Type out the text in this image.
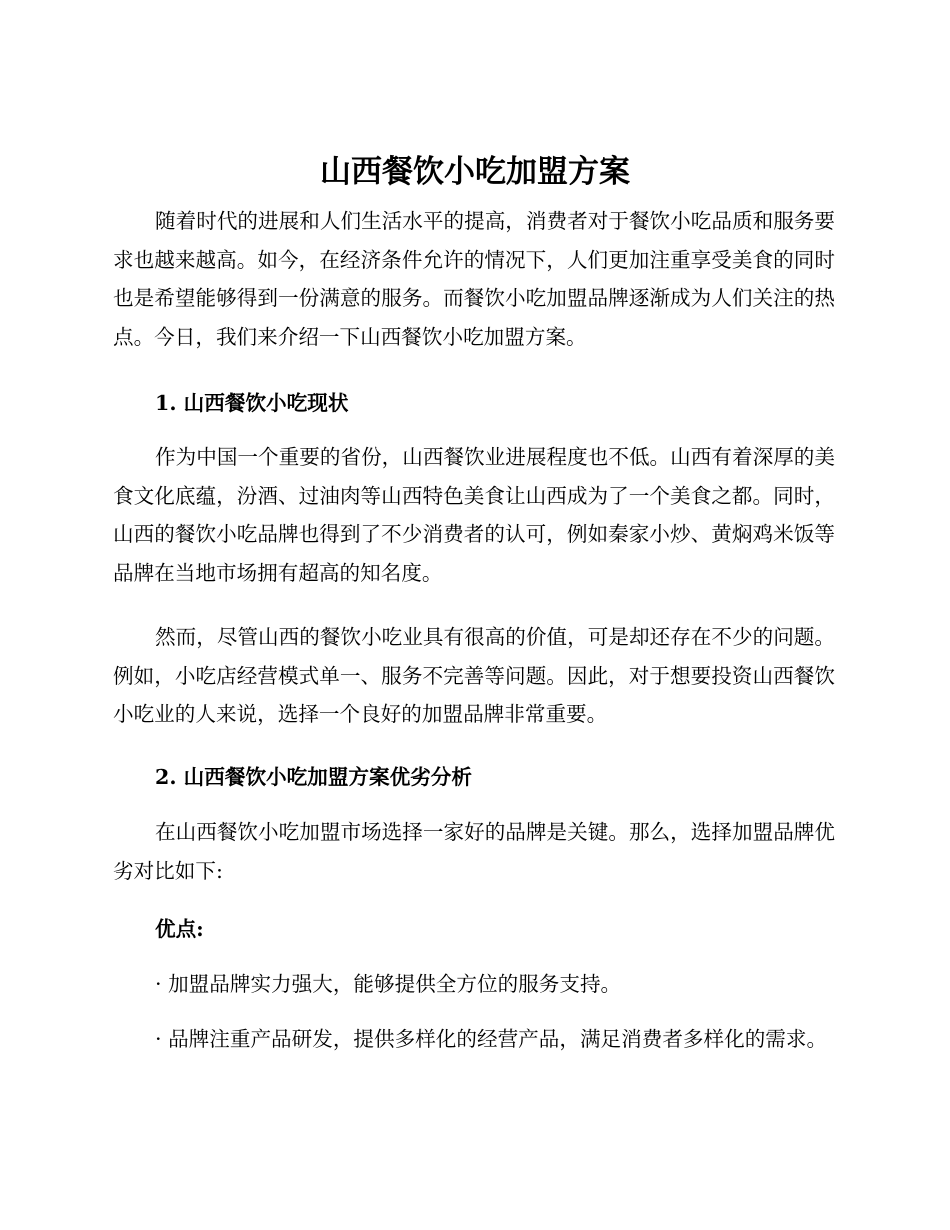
山西餐饮小吃加盟方案

随着时代的进展和人们生活水平的提高，消费者对于餐饮小吃品质和服务要求也越来越高。如今，在经济条件允许的情况下，人们更加注重享受美食的同时也是希望能够得到一份满意的服务。而餐饮小吃加盟品牌逐渐成为人们关注的热点。今日，我们来介绍一下山西餐饮小吃加盟方案。

1. 山西餐饮小吃现状

作为中国一个重要的省份，山西餐饮业进展程度也不低。山西有着深厚的美食文化底蕴，汾酒、过油肉等山西特色美食让山西成为了一个美食之都。同时，山西的餐饮小吃品牌也得到了不少消费者的认可，例如秦家小炒、黄焖鸡米饭等品牌在当地市场拥有超高的知名度。

然而，尽管山西的餐饮小吃业具有很高的价值，可是却还存在不少的问题。例如，小吃店经营模式单一、服务不完善等问题。因此，对于想要投资山西餐饮小吃业的人来说，选择一个良好的加盟品牌非常重要。

2. 山西餐饮小吃加盟方案优劣分析

在山西餐饮小吃加盟市场选择一家好的品牌是关键。那么，选择加盟品牌优劣对比如下:

优点:

· 加盟品牌实力强大，能够提供全方位的服务支持。

· 品牌注重产品研发，提供多样化的经营产品，满足消费者多样化的需求。
